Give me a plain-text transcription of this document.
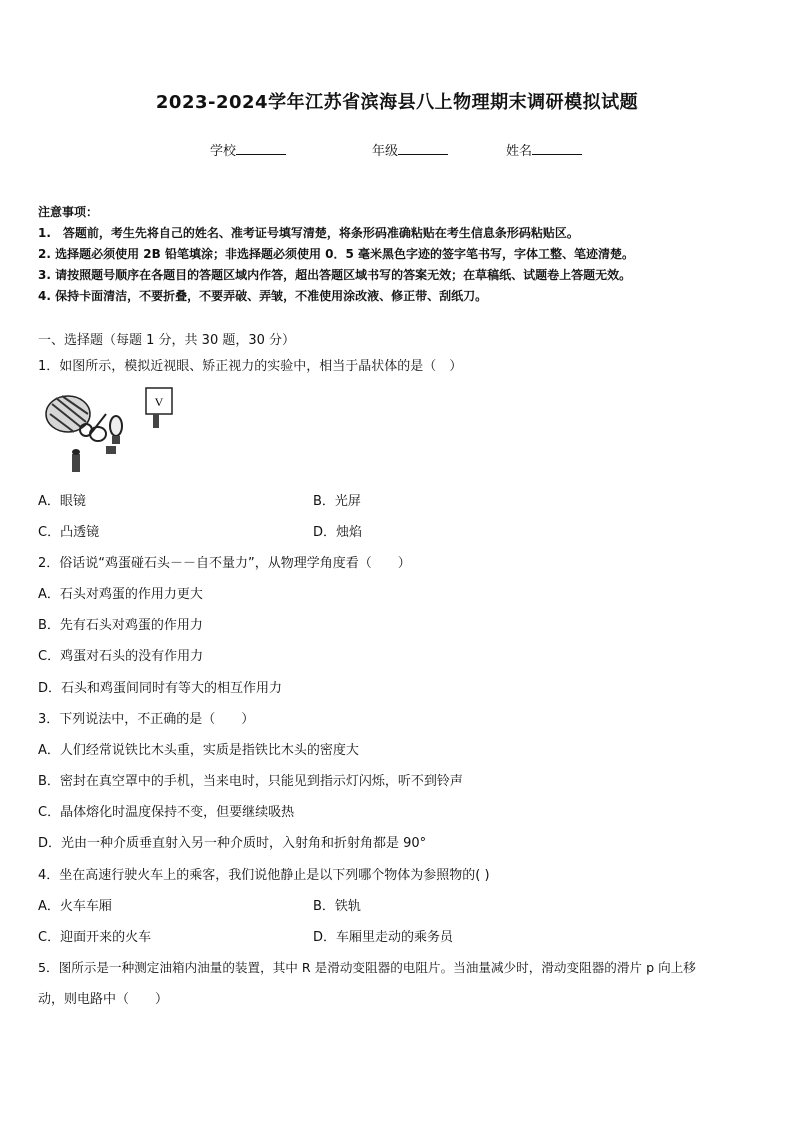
2023-2024学年江苏省滨海县八上物理期末调研模拟试题
学校	年级	姓名
注意事项：
1.　答题前，考生先将自己的姓名、准考证号填写清楚，将条形码准确粘贴在考生信息条形码粘贴区。
2. 选择题必须使用 2B 铅笔填涂；非选择题必须使用 0．5 毫米黑色字迹的签字笔书写，字体工整、笔迹清楚。
3. 请按照题号顺序在各题目的答题区域内作答，超出答题区域书写的答案无效；在草稿纸、试题卷上答题无效。
4. 保持卡面清洁，不要折叠，不要弄破、弄皱，不准使用涂改液、修正带、刮纸刀。
一、选择题（每题 1 分，共 30 题，30 分）
1．如图所示，模拟近视眼、矫正视力的实验中，相当于晶状体的是（　）
V
A．眼镜	B．光屏
C．凸透镜	D．烛焰
2．俗话说“鸡蛋碰石头－－自不量力”，从物理学角度看（　　）
A．石头对鸡蛋的作用力更大
B．先有石头对鸡蛋的作用力
C．鸡蛋对石头的没有作用力
D．石头和鸡蛋间同时有等大的相互作用力
3．下列说法中，不正确的是（　　）
A．人们经常说铁比木头重，实质是指铁比木头的密度大
B．密封在真空罩中的手机，当来电时，只能见到指示灯闪烁，听不到铃声
C．晶体熔化时温度保持不变，但要继续吸热
D．光由一种介质垂直射入另一种介质时，入射角和折射角都是 90°
4．坐在高速行驶火车上的乘客，我们说他静止是以下列哪个物体为参照物的( )
A．火车车厢	B．铁轨
C．迎面开来的火车	D．车厢里走动的乘务员
5．图所示是一种测定油箱内油量的装置，其中 R 是滑动变阻器的电阻片。当油量减少时，滑动变阻器的滑片 p 向上移
动，则电路中（　　）
